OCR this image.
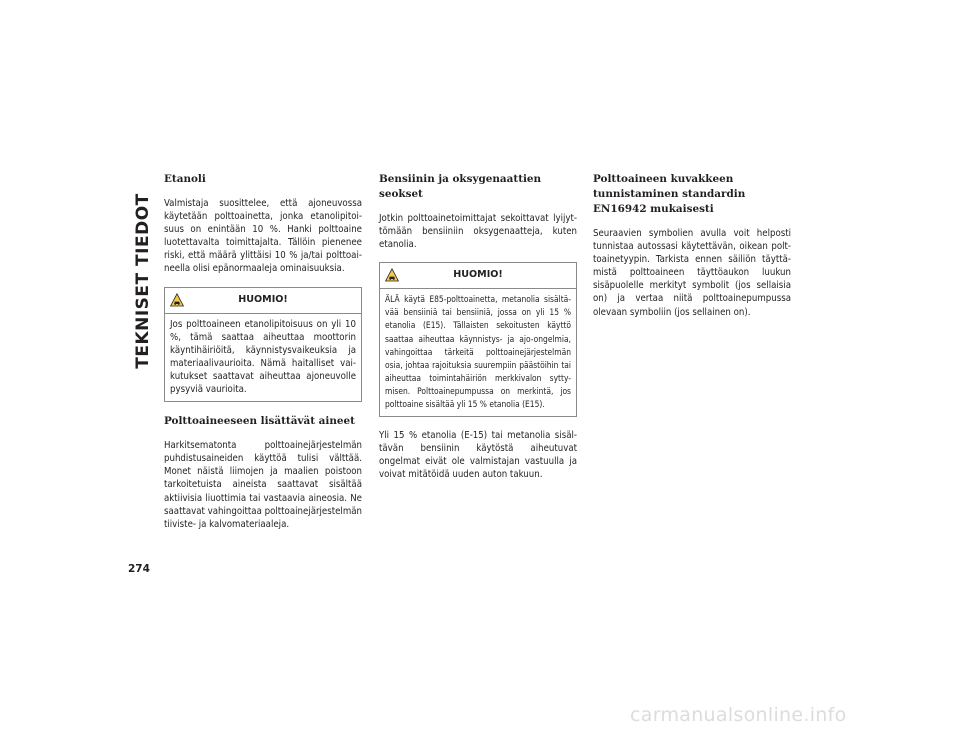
TEKNISET TIEDOT
274
Etanoli

Valmistaja suosittelee, että ajoneuvossa käytetään polttoainetta, jonka etanolipitoi-suus on enintään 10 %. Hanki polttoaine luotettavalta toimittajalta. Tällöin pienenee riski, että määrä ylittäisi 10 % ja/tai polttoai-neella olisi epänormaaleja ominaisuuksia.

HUOMIO!
Jos polttoaineen etanolipitoisuus on yli 10 %, tämä saattaa aiheuttaa moottorin käyntihäiriöitä, käynnistysvaikeuksia ja materiaalivaurioita. Nämä haitalliset vai-kutukset saattavat aiheuttaa ajoneuvolle pysyviä vaurioita.
Polttoaineeseen lisättävät aineet

Harkitsematonta polttoainejärjestelmän puhdistusaineiden käyttöä tulisi välttää. Monet näistä liimojen ja maalien poistoon tarkoitetuista aineista saattavat sisältää aktiivisia liuottimia tai vastaavia aineosia. Ne saattavat vahingoittaa polttoainejärjestelmän tiiviste- ja kalvomateriaaleja.

Bensiinin ja oksygenaattien seokset

Jotkin polttoainetoimittajat sekoittavat lyijyt-tömään bensiiniin oksygenaatteja, kuten etanolia.

HUOMIO!
ÄLÄ käytä E85-polttoainetta, metanolia sisältä-vää bensiiniä tai bensiiniä, jossa on yli 15 % etanolia (E15). Tällaisten sekoitusten käyttö saattaa aiheuttaa käynnistys- ja ajo-ongelmia, vahingoittaa tärkeitä polttoainejärjestelmän osia, johtaa rajoituksia suurempiin päästöihin tai aiheuttaa toimintahäiriön merkkivalon sytty-misen. Polttoainepumpussa on merkintä, jos polttoaine sisältää yli 15 % etanolia (E15).

Yli 15 % etanolia (E-15) tai metanolia sisäl-tävän bensiinin käytöstä aiheutuvat ongelmat eivät ole valmistajan vastuulla ja voivat mitätöidä uuden auton takuun.

Polttoaineen kuvakkeen tunnistaminen standardin EN16942 mukaisesti

Seuraavien symbolien avulla voit helposti tunnistaa autossasi käytettävän, oikean polt-toainetyypin. Tarkista ennen säiliön täyttä-mistä polttoaineen täyttöaukon luukun sisäpuolelle merkityt symbolit (jos sellaisia on) ja vertaa niitä polttoainepumpussa olevaan symboliin (jos sellainen on).

carmanualsonline.info
